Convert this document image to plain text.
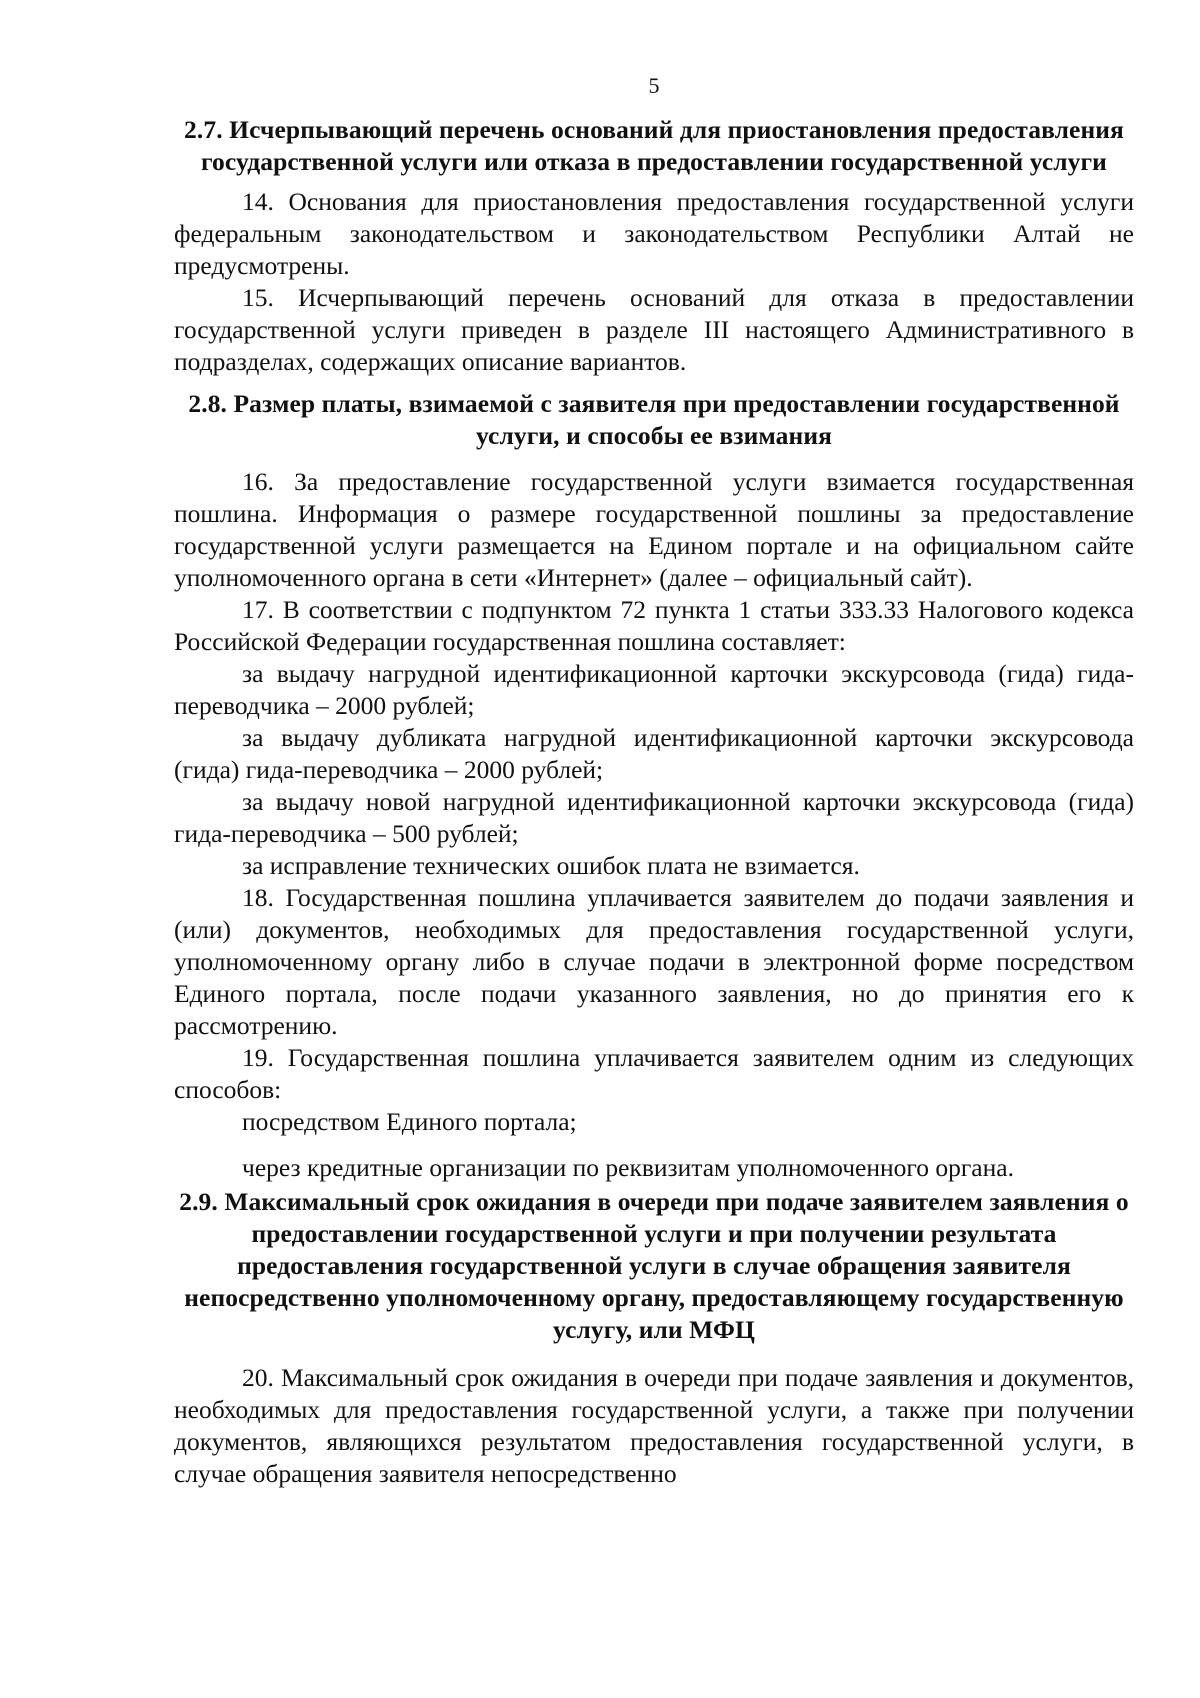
5
2.7. Исчерпывающий перечень оснований для приостановления предоставления государственной услуги или отказа в предоставлении государственной услуги

14. Основания для приостановления предоставления государственной услуги федеральным законодательством и законодательством Республики Алтай не предусмотрены.

15. Исчерпывающий перечень оснований для отказа в предоставлении государственной услуги приведен в разделе III настоящего Административного в подразделах, содержащих описание вариантов.

2.8. Размер платы, взимаемой с заявителя при предоставлении государственной услуги, и способы ее взимания

16. За предоставление государственной услуги взимается государственная пошлина. Информация о размере государственной пошлины за предоставление государственной услуги размещается на Едином портале и на официальном сайте уполномоченного органа в сети «Интернет» (далее – официальный сайт).

17. В соответствии с подпунктом 72 пункта 1 статьи 333.33 Налогового кодекса Российской Федерации государственная пошлина составляет:

за выдачу нагрудной идентификационной карточки экскурсовода (гида) гида-переводчика – 2000 рублей;

за выдачу дубликата нагрудной идентификационной карточки экскурсовода (гида) гида-переводчика – 2000 рублей;

за выдачу новой нагрудной идентификационной карточки экскурсовода (гида) гида-переводчика – 500 рублей;

за исправление технических ошибок плата не взимается.

18. Государственная пошлина уплачивается заявителем до подачи заявления и (или) документов, необходимых для предоставления государственной услуги, уполномоченному органу либо в случае подачи в электронной форме посредством Единого портала, после подачи указанного заявления, но до принятия его к рассмотрению.

19. Государственная пошлина уплачивается заявителем одним из следующих способов:

посредством Единого портала;

через кредитные организации по реквизитам уполномоченного органа.

2.9. Максимальный срок ожидания в очереди при подаче заявителем заявления о предоставлении государственной услуги и при получении результата предоставления государственной услуги в случае обращения заявителя непосредственно уполномоченному органу, предоставляющему государственную услугу, или МФЦ

20. Максимальный срок ожидания в очереди при подаче заявления и документов, необходимых для предоставления государственной услуги, а также при получении документов, являющихся результатом предоставления государственной услуги, в случае обращения заявителя непосредственно
